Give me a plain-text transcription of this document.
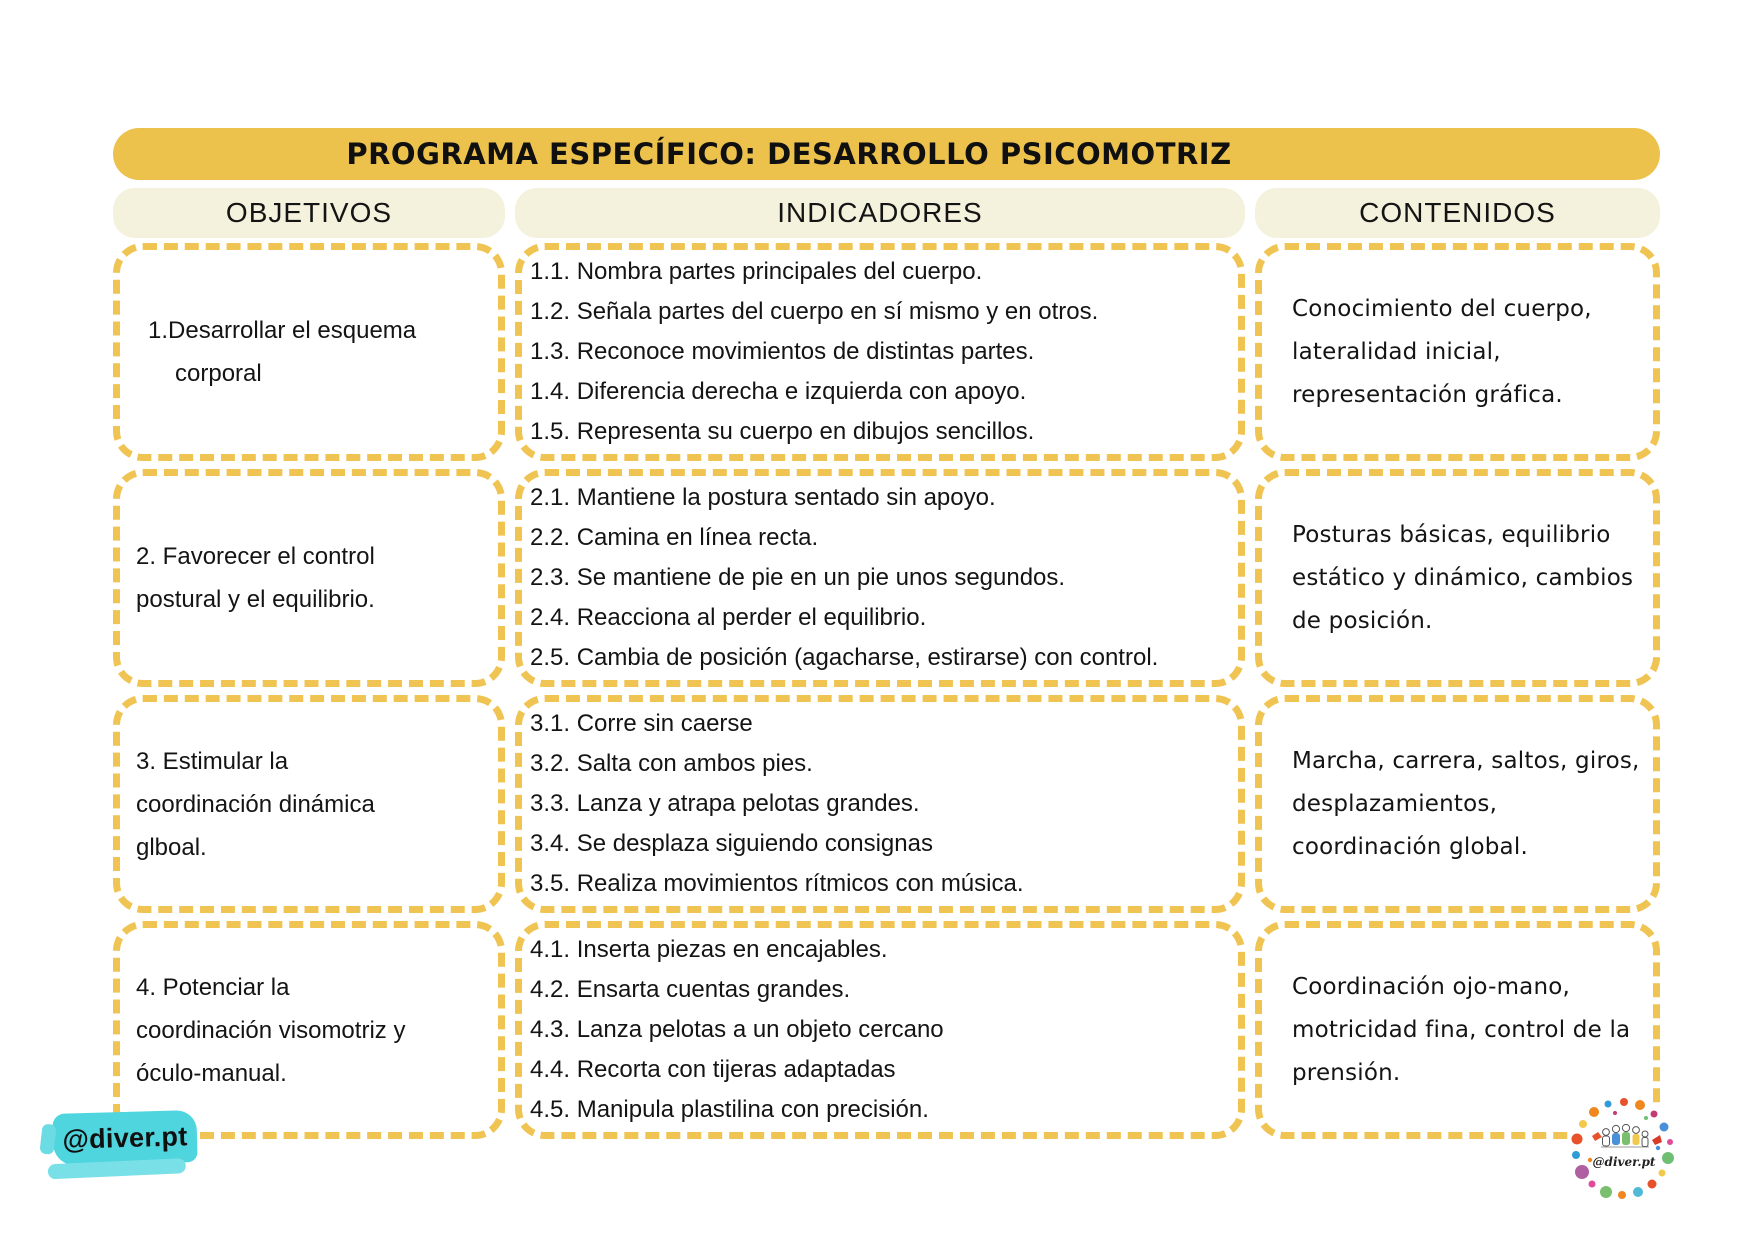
PROGRAMA ESPECÍFICO: DESARROLLO PSICOMOTRIZ
OBJETIVOS	INDICADORES	CONTENIDOS
1.Desarrollar el esquema
corporal
1.1. Nombra partes principales del cuerpo.
1.2. Señala partes del cuerpo en sí mismo y en otros.
1.3. Reconoce movimientos de distintas partes.
1.4. Diferencia derecha e izquierda con apoyo.
1.5. Representa su cuerpo en dibujos sencillos.
Conocimiento del cuerpo,
lateralidad inicial,
representación gráfica.
2. Favorecer el control
postural y el equilibrio.
2.1. Mantiene la postura sentado sin apoyo.
2.2. Camina en línea recta.
2.3. Se mantiene de pie en un pie unos segundos.
2.4. Reacciona al perder el equilibrio.
2.5. Cambia de posición (agacharse, estirarse) con control.
Posturas básicas, equilibrio
estático y dinámico, cambios
de posición.
3. Estimular la
coordinación dinámica
glboal.
3.1. Corre sin caerse
3.2. Salta con ambos pies.
3.3. Lanza y atrapa pelotas grandes.
3.4. Se desplaza siguiendo consignas
3.5. Realiza movimientos rítmicos con música.
Marcha, carrera, saltos, giros,
desplazamientos,
coordinación global.
4. Potenciar la
coordinación visomotriz y
óculo-manual.
4.1. Inserta piezas en encajables.
4.2. Ensarta cuentas grandes.
4.3. Lanza pelotas a un objeto cercano
4.4. Recorta con tijeras adaptadas
4.5. Manipula plastilina con precisión.
Coordinación ojo-mano,
motricidad fina, control de la
prensión.
@diver.pt
@diver.pt
